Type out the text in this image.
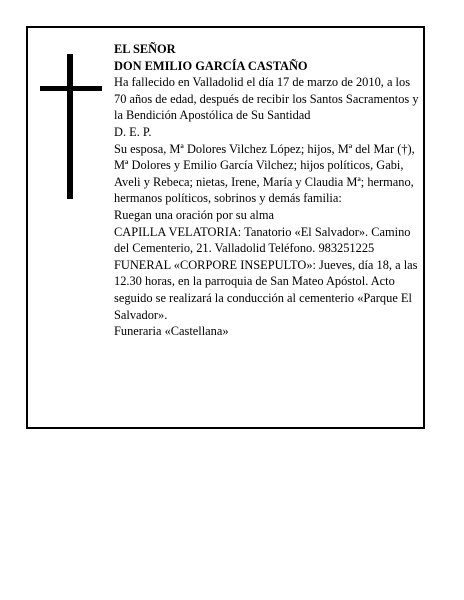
EL SEÑOR

DON EMILIO GARCÍA CASTAÑO

Ha fallecido en Valladolid el día 17 de marzo de 2010, a los 70 años de edad, después de recibir los Santos Sacramentos y la Bendición Apostólica de Su Santidad

D. E. P.

Su esposa, Mª Dolores Vilchez López; hijos, Mª del Mar (†), Mª Dolores y Emilio García Vilchez; hijos políticos, Gabi, Aveli y Rebeca; nietas, Irene, María y Claudia Mª; hermano, hermanos políticos, sobrinos y demás familia:

Ruegan una oración por su alma

CAPILLA VELATORIA: Tanatorio «El Salvador». Camino del Cementerio, 21. Valladolid Teléfono. 983251225

FUNERAL «CORPORE INSEPULTO»: Jueves, día 18, a las 12.30 horas, en la parroquia de San Mateo Apóstol. Acto seguido se realizará la conducción al cementerio «Parque El Salvador».

Funeraria «Castellana»
